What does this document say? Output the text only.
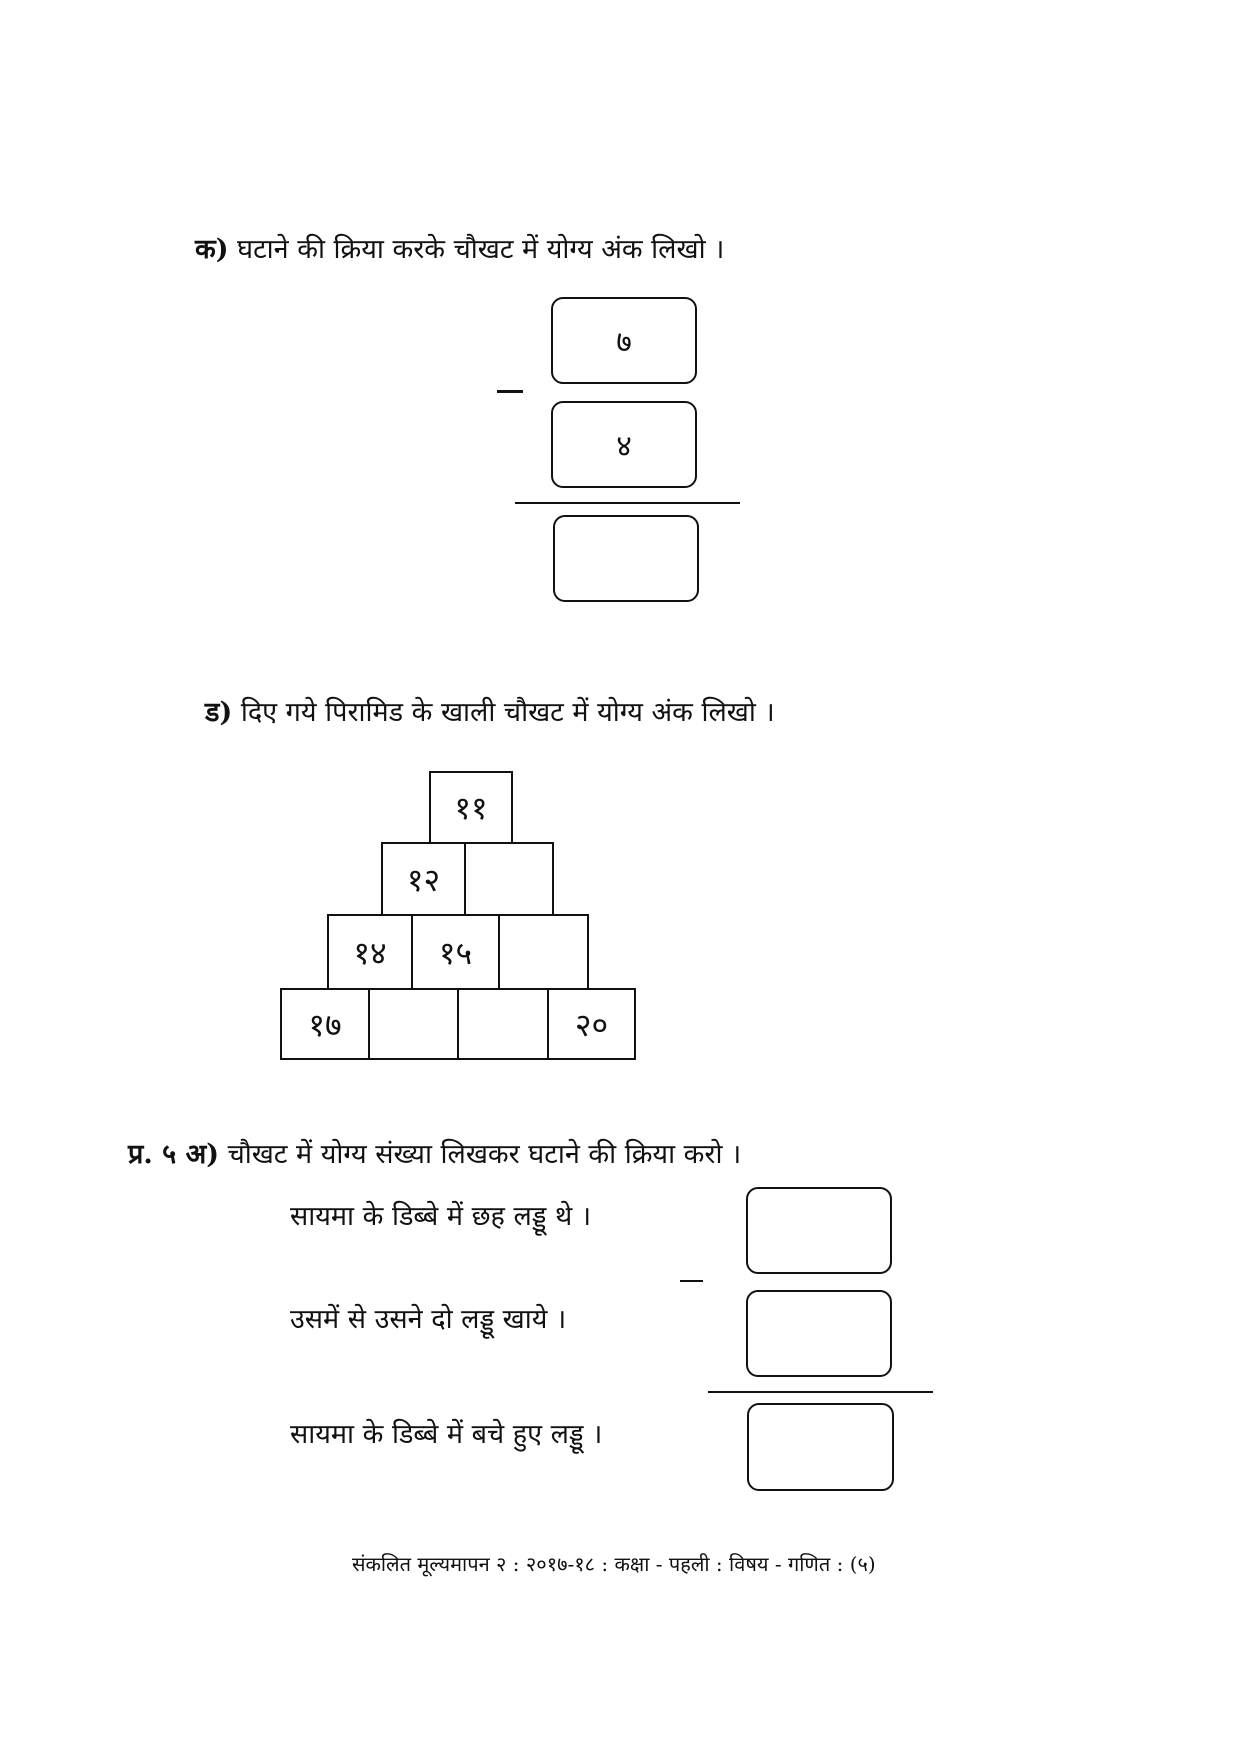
क) घटाने की क्रिया करके चौखट में योग्य अंक लिखो ।
७
४
ड) दिए गये पिरामिड के खाली चौखट में योग्य अंक लिखो ।
११
१२
१४	१५
१७	२०
प्र. ५ अ) चौखट में योग्य संख्या लिखकर घटाने की क्रिया करो ।
सायमा के डिब्बे में छह लड्डू थे ।
उसमें से उसने दो लड्डू खाये ।
सायमा के डिब्बे में बचे हुए लड्डू ।
संकलित मूल्यमापन २ : २०१७-१८ : कक्षा - पहली : विषय - गणित : (५)
